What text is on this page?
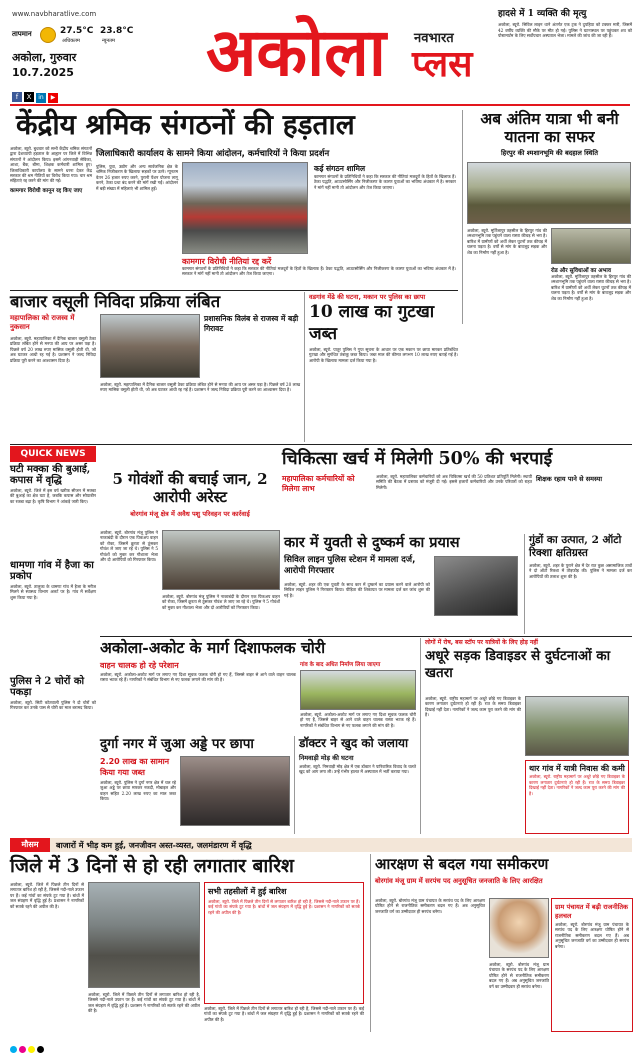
www.navbharatlive.com
तापमान	27.5°C
अधिकतम
23.8°C
न्यूनतम
अकोला, गुरुवार
10.7.2025
f X in ▶
अकोला	नवभारत
प्लस
हादसे में 1 व्यक्ति की मृत्यु
अकोला, ब्यूरो. सिविल लाइन थाने अंतर्गत एक ट्रक ने दुपहिया को टक्कर मारी, जिसमें 42 वर्षीय व्यक्ति की मौके पर मौत हो गई। पुलिस ने घटनास्थल पर पहुंचकर शव को पोस्टमार्टम के लिए सर्वोपचार अस्पताल भेजा। मामले की जांच की जा रही है।
केंद्रीय श्रमिक संगठनों की हड़ताल
अकोला, ब्यूरो. बुधवार को सभी केंद्रीय श्रमिक संगठनों द्वारा देशव्यापी हड़ताल के आह्वान पर जिले में विभिन्न संगठनों ने आंदोलन किया। इसमें आंगनवाड़ी सेविका, आशा, बैंक, बीमा, शिक्षक कर्मचारी शामिल हुए। जिलाधिकारी कार्यालय के सामने धरना देकर केंद्र सरकार की श्रम नीतियों का विरोध किया गया। चार श्रम संहिताएं रद्द करने की मांग की गई।
कामगार विरोधी कानून रद्द किए जाए
जिलाधिकारी कार्यालय के सामने किया आंदोलन, कर्मचारियों ने किया प्रदर्शन
पुलिस, युवा, उद्योग और अन्य सार्वजनिक क्षेत्र के श्रमिक निजीकरण के खिलाफ सड़कों पर उतरे। न्यूनतम वेतन 26 हजार रुपए करने, पुरानी पेंशन योजना लागू करने, ठेका प्रथा बंद करने की मांगें रखी गईं। आंदोलन में बड़ी संख्या में महिलाएं भी शामिल हुईं।
कई संगठन शामिल
कामगार संगठनों के प्रतिनिधियों ने कहा कि सरकार की नीतियां मजदूरों के हितों के खिलाफ हैं। ठेका पद्धति, आउटसोर्सिंग और निजीकरण के कारण युवाओं का भविष्य अंधकार में है। सरकार ने मांगें नहीं मानी तो आंदोलन और तेज किया जाएगा।
कामगार विरोधी नीतियां रद्द करें
कामगार संगठनों के प्रतिनिधियों ने कहा कि सरकार की नीतियां मजदूरों के हितों के खिलाफ हैं। ठेका पद्धति, आउटसोर्सिंग और निजीकरण के कारण युवाओं का भविष्य अंधकार में है। सरकार ने मांगें नहीं मानी तो आंदोलन और तेज किया जाएगा।
अब अंतिम यात्रा भी बनी यातना का सफर
हिरपुर की श्मशानभूमि की बदहाल स्थिति
अकोला, ब्यूरो. मूर्तिजापुर तहसील के हिरपुर गांव की श्मशानभूमि तक पहुंचने वाला रास्ता कीचड़ से भरा है। बारिश में ग्रामीणों को अर्थी लेकर घुटनों तक कीचड़ में चलना पड़ता है। वर्षों से मांग के बावजूद सड़क और शेड का निर्माण नहीं हुआ है।
रोड और सुविधाओं का अभाव
अकोला, ब्यूरो. मूर्तिजापुर तहसील के हिरपुर गांव की श्मशानभूमि तक पहुंचने वाला रास्ता कीचड़ से भरा है। बारिश में ग्रामीणों को अर्थी लेकर घुटनों तक कीचड़ में चलना पड़ता है। वर्षों से मांग के बावजूद सड़क और शेड का निर्माण नहीं हुआ है।
बाजार वसूली निविदा प्रक्रिया लंबित
महापालिका को राजस्व में नुकसान
अकोला, ब्यूरो. महापालिका में दैनिक बाजार वसूली ठेका प्रक्रिया लंबित होने से मनपा की आय पर असर पड़ा है। पिछले वर्ष 20 लाख रुपए मासिक वसूली होती थी, जो अब घटकर आधी रह गई है। प्रशासन ने जल्द निविदा प्रक्रिया पूरी करने का आश्वासन दिया है।
प्रशासनिक विलंब से राजस्व में बड़ी गिरावट
अकोला, ब्यूरो. महापालिका में दैनिक बाजार वसूली ठेका प्रक्रिया लंबित होने से मनपा की आय पर असर पड़ा है। पिछले वर्ष 20 लाख रुपए मासिक वसूली होती थी, जो अब घटकर आधी रह गई है। प्रशासन ने जल्द निविदा प्रक्रिया पूरी करने का आश्वासन दिया है।
वडगांव मेंढे की घटना, मकान पर पुलिस का छापा
10 लाख का गुटखा जब्त
अकोला, ब्यूरो. पातूर पुलिस ने गुप्त सूचना के आधार पर एक मकान पर छापा मारकर प्रतिबंधित गुटखा और सुगंधित तंबाकू जब्त किया। जब्त माल की कीमत लगभग 10 लाख रुपए बताई गई है। आरोपी के खिलाफ मामला दर्ज किया गया है।
QUICK NEWS
घटी मक्का की बुआई, कपास में वृद्धि
अकोला, ब्यूरो. जिले में इस वर्ष खरीफ सीजन में मक्का की बुआई का क्षेत्र घटा है, जबकि कपास और सोयाबीन का रकबा बढ़ा है। कृषि विभाग ने आंकड़े जारी किए।
धामणा गांव में हैजा का प्रकोप
अकोला, ब्यूरो. तालुका के धामणा गांव में हैजा के मरीज मिलने से स्वास्थ्य विभाग अलर्ट पर है। गांव में सर्वेक्षण शुरू किया गया है।
पुलिस ने 2 चोरों को पकड़ा
अकोला, ब्यूरो. सिटी कोतवाली पुलिस ने दो चोरों को गिरफ्तार कर उनके पास से चोरी का माल बरामद किया।
चिकित्सा खर्च में मिलेगी 50% की भरपाई
महापालिका कर्मचारियों को मिलेगा लाभ
अकोला, ब्यूरो. महापालिका कर्मचारियों को अब चिकित्सा खर्च की 50 प्रतिशत प्रतिपूर्ति मिलेगी। स्थायी समिति की बैठक में प्रस्ताव को मंजूरी दी गई। इससे हजारों कर्मचारियों और उनके परिवारों को राहत मिलेगी।
शिक्षक रहाय पाने से समस्या
5 गोवंशों की बचाई जान, 2 आरोपी अरेस्ट
बोरगांव मंजू क्षेत्र में अवैध पशु परिवहन पर कार्रवाई
अकोला, ब्यूरो. बोरगांव मंजू पुलिस ने नाकाबंदी के दौरान एक पिकअप वाहन को रोका, जिसमें क्रूरता से ठूंसकर गोवंश ले जाए जा रहे थे। पुलिस ने 5 गोवंशों को मुक्त कर गौशाला भेजा और दो आरोपियों को गिरफ्तार किया।
अकोला, ब्यूरो. बोरगांव मंजू पुलिस ने नाकाबंदी के दौरान एक पिकअप वाहन को रोका, जिसमें क्रूरता से ठूंसकर गोवंश ले जाए जा रहे थे। पुलिस ने 5 गोवंशों को मुक्त कर गौशाला भेजा और दो आरोपियों को गिरफ्तार किया।
कार में युवती से दुष्कर्म का प्रयास
सिविल लाइन पुलिस स्टेशन में मामला दर्ज, आरोपी गिरफ्तार
अकोला, ब्यूरो. शहर की एक युवती के साथ कार में दुष्कर्म का प्रयास करने वाले आरोपी को सिविल लाइन पुलिस ने गिरफ्तार किया। पीड़िता की शिकायत पर मामला दर्ज कर जांच शुरू की गई है।
गुंडों का उत्पात, 2 ऑटो रिक्शा क्षतिग्रस्त
अकोला, ब्यूरो. शहर के पुराने क्षेत्र में देर रात कुछ असामाजिक तत्वों ने दो ऑटो रिक्शा में तोड़फोड़ की। पुलिस ने मामला दर्ज कर आरोपियों की तलाश शुरू की है।
अकोला-अकोट के मार्ग दिशाफलक चोरी
वाहन चालक हो रहे परेशान	गांव के बाद अधित निर्माण लिया जाएगा
अकोला, ब्यूरो. अकोला-अकोट मार्ग पर लगाए गए दिशा सूचक फलक चोरी हो गए हैं, जिससे बाहर से आने वाले वाहन चालक रास्ता भटक रहे हैं। नागरिकों ने संबंधित विभाग से नए फलक लगाने की मांग की है।
अकोला, ब्यूरो. अकोला-अकोट मार्ग पर लगाए गए दिशा सूचक फलक चोरी हो गए हैं, जिससे बाहर से आने वाले वाहन चालक रास्ता भटक रहे हैं। नागरिकों ने संबंधित विभाग से नए फलक लगाने की मांग की है।
लोगों में रोष, बस स्टॉप पर यात्रियों के लिए होड़ नहीं
अधूरे सड़क डिवाइडर से दुर्घटनाओं का खतरा
अकोला, ब्यूरो. राष्ट्रीय महामार्ग पर अधूरे छोड़े गए डिवाइडर के कारण लगातार दुर्घटनाएं हो रही हैं। रात के समय डिवाइडर दिखाई नहीं देता। नागरिकों ने जल्द काम पूरा करने की मांग की है।
थार गांव में यात्री निवास की कमी
अकोला, ब्यूरो. राष्ट्रीय महामार्ग पर अधूरे छोड़े गए डिवाइडर के कारण लगातार दुर्घटनाएं हो रही हैं। रात के समय डिवाइडर दिखाई नहीं देता। नागरिकों ने जल्द काम पूरा करने की मांग की है।
दुर्गा नगर में जुआ अड्डे पर छापा
2.20 लाख का सामान किया गया जब्त
अकोला, ब्यूरो. पुलिस ने दुर्गा नगर क्षेत्र में चल रहे जुआ अड्डे पर छापा मारकर नकदी, मोबाइल और वाहन सहित 2.20 लाख रुपए का माल जब्त किया।
डॉक्टर ने खुद को जलाया
निमवाड़ी मोड़ की घटना
अकोला, ब्यूरो. निमवाड़ी मोड़ क्षेत्र में एक डॉक्टर ने पारिवारिक विवाद के चलते खुद को आग लगा ली। उन्हें गंभीर हालत में अस्पताल में भर्ती कराया गया।
मौसम	बाजारों में भीड़ कम हुई, जनजीवन अस्त-व्यस्त, जलमंडारण में वृद्धि
जिले में 3 दिनों से हो रही लगातार बारिश
अकोला, ब्यूरो. जिले में पिछले तीन दिनों से लगातार बारिश हो रही है, जिससे नदी-नाले उफान पर हैं। कई गांवों का संपर्क टूट गया है। बांधों में जल संग्रहण में वृद्धि हुई है। प्रशासन ने नागरिकों को सतर्क रहने की अपील की है।
अकोला, ब्यूरो. जिले में पिछले तीन दिनों से लगातार बारिश हो रही है, जिससे नदी-नाले उफान पर हैं। कई गांवों का संपर्क टूट गया है। बांधों में जल संग्रहण में वृद्धि हुई है। प्रशासन ने नागरिकों को सतर्क रहने की अपील की है।
सभी तहसीलों में हुई बारिश
अकोला, ब्यूरो. जिले में पिछले तीन दिनों से लगातार बारिश हो रही है, जिससे नदी-नाले उफान पर हैं। कई गांवों का संपर्क टूट गया है। बांधों में जल संग्रहण में वृद्धि हुई है। प्रशासन ने नागरिकों को सतर्क रहने की अपील की है।
अकोला, ब्यूरो. जिले में पिछले तीन दिनों से लगातार बारिश हो रही है, जिससे नदी-नाले उफान पर हैं। कई गांवों का संपर्क टूट गया है। बांधों में जल संग्रहण में वृद्धि हुई है। प्रशासन ने नागरिकों को सतर्क रहने की अपील की है।
आरक्षण से बदल गया समीकरण
बोरगांव मंजू ग्राम में सरपंच पद अनुसूचित जनजाति के लिए आरक्षित
अकोला, ब्यूरो. बोरगांव मंजू ग्राम पंचायत के सरपंच पद के लिए आरक्षण घोषित होने से राजनीतिक समीकरण बदल गए हैं। अब अनुसूचित जनजाति वर्ग का उम्मीदवार ही सरपंच बनेगा।
ग्राम पंचायत में बढ़ी राजनीतिक हलचल
अकोला, ब्यूरो. बोरगांव मंजू ग्राम पंचायत के सरपंच पद के लिए आरक्षण घोषित होने से राजनीतिक समीकरण बदल गए हैं। अब अनुसूचित जनजाति वर्ग का उम्मीदवार ही सरपंच बनेगा।
अकोला, ब्यूरो. बोरगांव मंजू ग्राम पंचायत के सरपंच पद के लिए आरक्षण घोषित होने से राजनीतिक समीकरण बदल गए हैं। अब अनुसूचित जनजाति वर्ग का उम्मीदवार ही सरपंच बनेगा।
